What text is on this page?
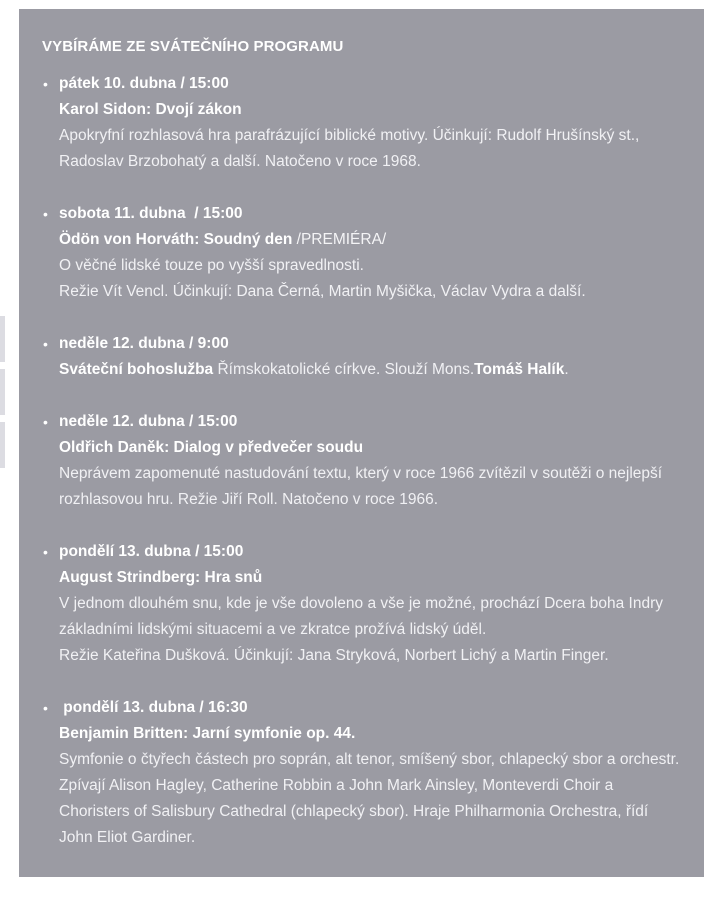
VYBÍRÁME ZE SVÁTEČNÍHO PROGRAMU
• pátek 10. dubna / 15:00
Karol Sidon: Dvojí zákon
Apokryfní rozhlasová hra parafrázující biblické motivy. Účinkují: Rudolf Hrušínský st., Radoslav Brzobohatý a další. Natočeno v roce 1968.
• sobota 11. dubna  / 15:00
Ödön von Horváth: Soudný den /PREMIÉRA/
O věčné lidské touze po vyšší spravedlnosti.
Režie Vít Vencl. Účinkují: Dana Černá, Martin Myšička, Václav Vydra a další.
• neděle 12. dubna / 9:00
Sváteční bohoslužba Římskokatolické církve. Slouží Mons.Tomáš Halík.
• neděle 12. dubna / 15:00
Oldřich Daněk: Dialog v předvečer soudu
Neprávem zapomenuté nastudování textu, který v roce 1966 zvítězil v soutěži o nejlepší rozhlasovou hru. Režie Jiří Roll. Natočeno v roce 1966.
• pondělí 13. dubna / 15:00
August Strindberg: Hra snů
V jednom dlouhém snu, kde je vše dovoleno a vše je možné, prochází Dcera boha Indry základními lidskými situacemi a ve zkratce prožívá lidský úděl.
Režie Kateřina Dušková. Účinkují: Jana Stryková, Norbert Lichý a Martin Finger.
•  pondělí 13. dubna / 16:30
Benjamin Britten: Jarní symfonie op. 44.
Symfonie o čtyřech částech pro soprán, alt tenor, smíšený sbor, chlapecký sbor a orchestr. Zpívají Alison Hagley, Catherine Robbin a John Mark Ainsley, Monteverdi Choir a Choristers of Salisbury Cathedral (chlapecký sbor). Hraje Philharmonia Orchestra, řídí John Eliot Gardiner.
